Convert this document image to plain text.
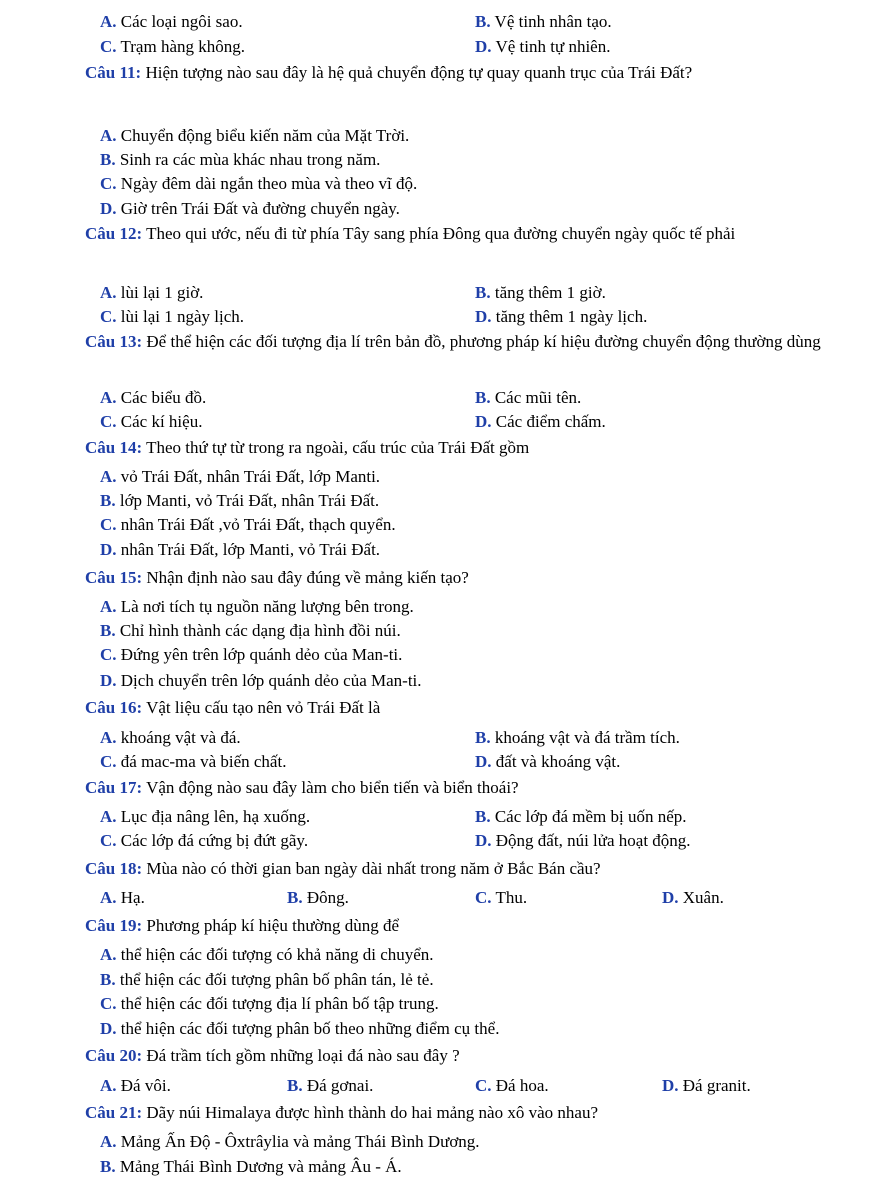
A. Các loại ngôi sao.	B. Vệ tinh nhân tạo.
C. Trạm hàng không.	D. Vệ tinh tự nhiên.
Câu 11: Hiện tượng nào sau đây là hệ quả chuyển động tự quay quanh trục của Trái Đất?
A. Chuyển động biểu kiến năm của Mặt Trời.
B. Sinh ra các mùa khác nhau trong năm.
C. Ngày đêm dài ngắn theo mùa và theo vĩ độ.
D. Giờ trên Trái Đất và đường chuyển ngày.
Câu 12: Theo qui ước, nếu đi từ phía Tây sang phía Đông qua đường chuyển ngày quốc tế phải
A. lùi lại 1 giờ.	B. tăng thêm 1 giờ.
C. lùi lại 1 ngày lịch.	D. tăng thêm 1 ngày lịch.
Câu 13: Để thể hiện các đối tượng địa lí trên bản đồ, phương pháp kí hiệu đường chuyển động thường dùng
A. Các biểu đồ.	B. Các mũi tên.
C. Các kí hiệu.	D. Các điểm chấm.
Câu 14: Theo thứ tự từ trong ra ngoài, cấu trúc của Trái Đất gồm
A. vỏ Trái Đất, nhân Trái Đất, lớp Manti.
B. lớp Manti, vỏ Trái Đất, nhân Trái Đất.
C. nhân Trái Đất ,vỏ Trái Đất, thạch quyển.
D. nhân Trái Đất, lớp Manti, vỏ Trái Đất.
Câu 15: Nhận định nào sau đây đúng về mảng kiến tạo?
A. Là nơi tích tụ nguồn năng lượng bên trong.
B. Chỉ hình thành các dạng địa hình đồi núi.
C. Đứng yên trên lớp quánh dẻo của Man-ti.
D. Dịch chuyển trên lớp quánh dẻo của Man-ti.
Câu 16: Vật liệu cấu tạo nên vỏ Trái Đất là
A. khoáng vật và đá.	B. khoáng vật và đá trầm tích.
C. đá mac-ma và biến chất.	D. đất và khoáng vật.
Câu 17: Vận động nào sau đây làm cho biển tiến và biển thoái?
A. Lục địa nâng lên, hạ xuống.	B. Các lớp đá mềm bị uốn nếp.
C. Các lớp đá cứng bị đứt gãy.	D. Động đất, núi lửa hoạt động.
Câu 18: Mùa nào có thời gian ban ngày dài nhất trong năm ở Bắc Bán cầu?
A. Hạ.	B. Đông.	C. Thu.	D. Xuân.
Câu 19: Phương pháp kí hiệu thường dùng để
A. thể hiện các đối tượng có khả năng di chuyển.
B. thể hiện các đối tượng phân bố phân tán, lẻ tẻ.
C. thể hiện các đối tượng địa lí phân bố tập trung.
D. thể hiện các đối tượng phân bố theo những điểm cụ thể.
Câu 20: Đá trầm tích gồm những loại đá nào sau đây ?
A. Đá vôi.	B. Đá gơnai.	C. Đá hoa.	D. Đá granit.
Câu 21: Dãy núi Himalaya được hình thành do hai mảng nào xô vào nhau?
A. Mảng Ấn Độ - Ôxtrâylia và mảng Thái Bình Dương.
B. Mảng Thái Bình Dương và mảng Âu - Á.
